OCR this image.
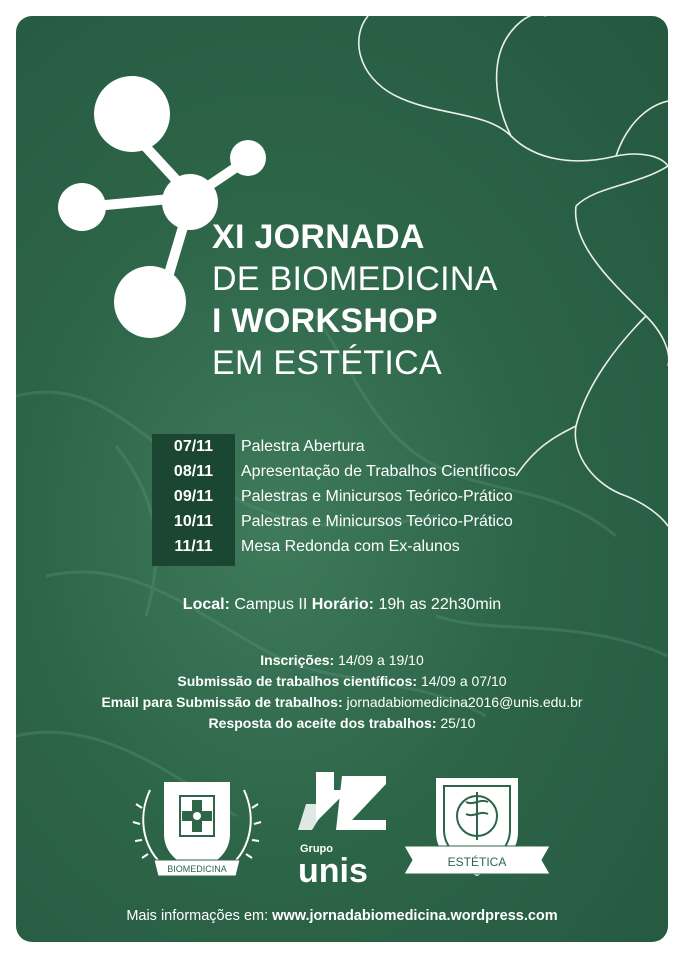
XI JORNADA
DE BIOMEDICINA
I WORKSHOP
EM ESTÉTICA
07/11	Palestra Abertura
08/11	Apresentação de Trabalhos Científicos
09/11	Palestras e Minicursos Teórico-Prático
10/11	Palestras e Minicursos Teórico-Prático
11/11	Mesa Redonda com Ex-alunos
Local: Campus II Horário: 19h as 22h30min
Inscrições: 14/09 a 19/10
Submissão de trabalhos científicos: 14/09 a 07/10
Email para Submissão de trabalhos: jornadabiomedicina2016@unis.edu.br
Resposta do aceite dos trabalhos: 25/10
BIOMEDICINA
Grupo
unis	ESTÉTICA
Mais informações em: www.jornadabiomedicina.wordpress.com
